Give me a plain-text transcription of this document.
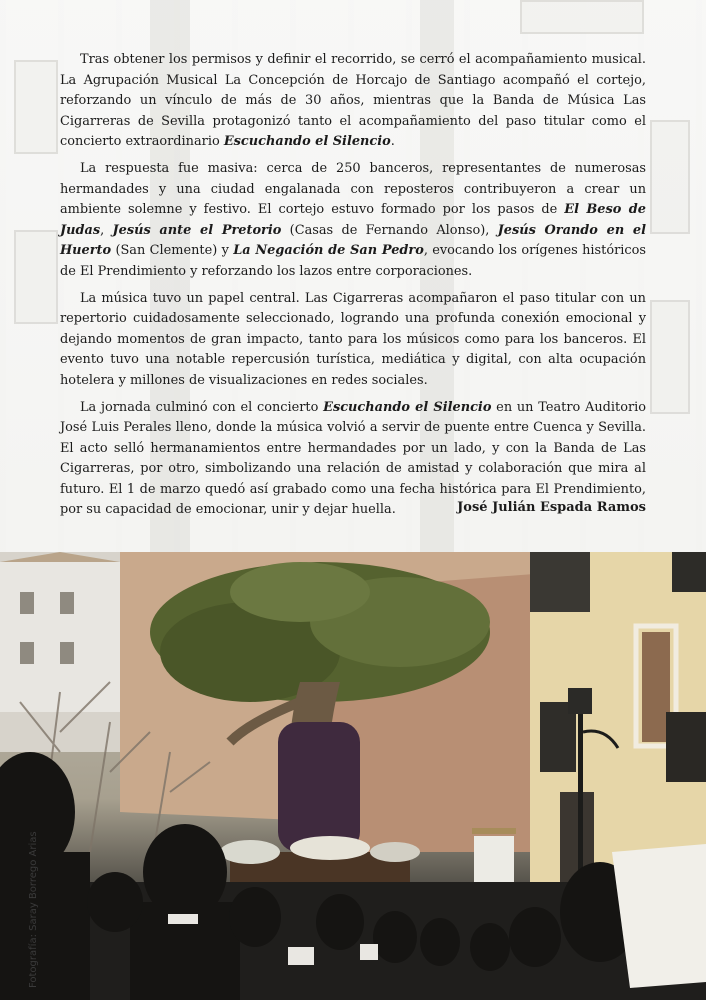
Tras obtener los permisos y definir el recorrido, se cerró el acompañamiento musical. La Agrupación Musical La Concepción de Horcajo de Santiago acompañó el cortejo, reforzando un vínculo de más de 30 años, mientras que la Banda de Música Las Cigarreras de Sevilla protagonizó tanto el acompañamiento del paso titular como el concierto extraordinario Escuchando el Silencio.

La respuesta fue masiva: cerca de 250 banceros, representantes de numerosas hermandades y una ciudad engalanada con reposteros contribuyeron a crear un ambiente solemne y festivo. El cortejo estuvo formado por los pasos de El Beso de Judas, Jesús ante el Pretorio (Casas de Fernando Alonso), Jesús Orando en el Huerto (San Clemente) y La Negación de San Pedro, evocando los orígenes históricos de El Prendimiento y reforzando los lazos entre corporaciones.

La música tuvo un papel central. Las Cigarreras acompañaron el paso titular con un repertorio cuidadosamente seleccionado, logrando una profunda conexión emocional y dejando momentos de gran impacto, tanto para los músicos como para los banceros. El evento tuvo una notable repercusión turística, mediática y digital, con alta ocupación hotelera y millones de visualizaciones en redes sociales.

La jornada culminó con el concierto Escuchando el Silencio en un Teatro Auditorio José Luis Perales lleno, donde la música volvió a servir de puente entre Cuenca y Sevilla. El acto selló hermanamientos entre hermandades por un lado, y con la Banda de Las Cigarreras, por otro, simbolizando una relación de amistad y colaboración que mira al futuro. El 1 de marzo quedó así grabado como una fecha histórica para El Prendimiento, por su capacidad de emocionar, unir y dejar huella.	José Julián Espada Ramos
Fotografía: Saray Borrego Arias
